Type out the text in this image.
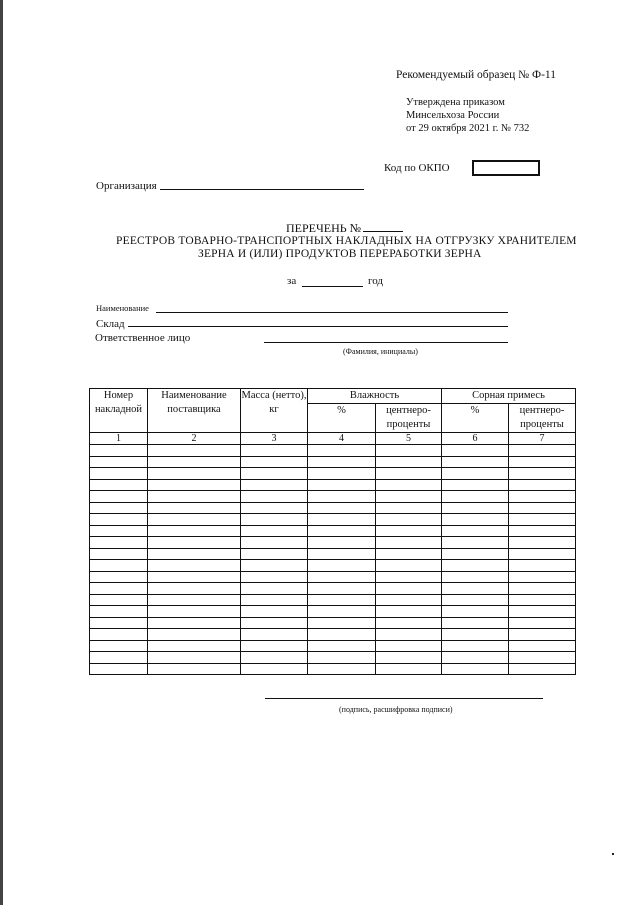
Рекомендуемый образец № Ф-11
Утверждена приказом
Минсельхоза России
от 29 октября 2021 г. № 732
Код по ОКПО
Организация
ПЕРЕЧЕНЬ №
РЕЕСТРОВ ТОВАРНО-ТРАНСПОРТНЫХ НАКЛАДНЫХ НА ОТГРУЗКУ ХРАНИТЕЛЕМ
ЗЕРНА И (ИЛИ) ПРОДУКТОВ ПЕРЕРАБОТКИ ЗЕРНА
за	год
Наименование
Склад
Ответственное лицо
(Фамилия, инициалы)
Номер накладной	Наименование поставщика	Масса (нетто), кг	Влажность		Сорная примесь	
			%	центнеро-проценты	%	центнеро-проценты
1	2	3	4	5	6	7

(подпись, расшифровка подписи)
